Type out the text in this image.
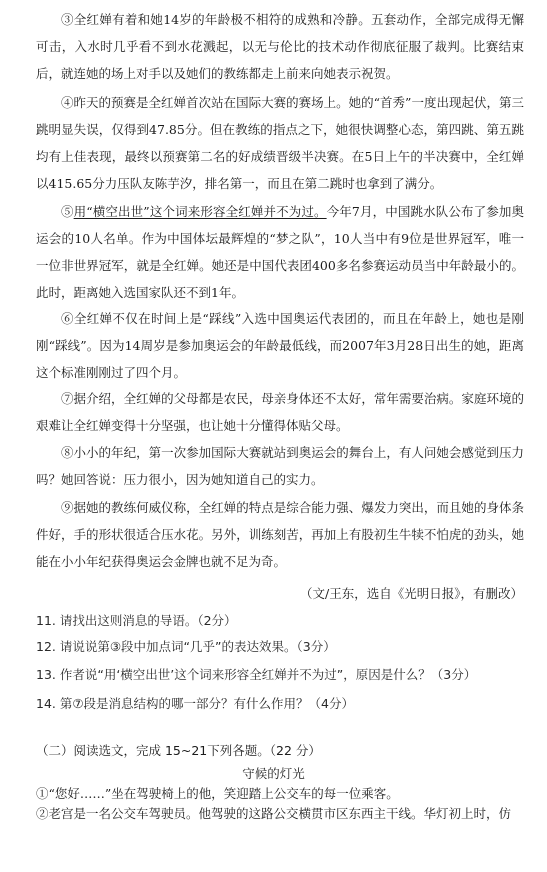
③全红婵有着和她14岁的年龄极不相符的成熟和冷静。五套动作，全部完成得无懈可击，入水时几乎看不到水花溅起，以无与伦比的技术动作彻底征服了裁判。比赛结束后，就连她的场上对手以及她们的教练都走上前来向她表示祝贺。
④昨天的预赛是全红婵首次站在国际大赛的赛场上。她的“首秀”一度出现起伏，第三跳明显失误，仅得到47.85分。但在教练的指点之下，她很快调整心态，第四跳、第五跳均有上佳表现，最终以预赛第二名的好成绩晋级半决赛。在5日上午的半决赛中，全红婵以415.65分力压队友陈芋汐，排名第一，而且在第二跳时也拿到了满分。
⑤用“横空出世”这个词来形容全红婵并不为过。今年7月，中国跳水队公布了参加奥运会的10人名单。作为中国体坛最辉煌的“梦之队”，10人当中有9位是世界冠军，唯一一位非世界冠军，就是全红婵。她还是中国代表团400多名参赛运动员当中年龄最小的。此时，距离她入选国家队还不到1年。
⑥全红婵不仅在时间上是“踩线”入选中国奥运代表团的，而且在年龄上，她也是刚刚“踩线”。因为14周岁是参加奥运会的年龄最低线，而2007年3月28日出生的她，距离这个标准刚刚过了四个月。
⑦据介绍，全红婵的父母都是农民，母亲身体还不太好，常年需要治病。家庭环境的艰难让全红婵变得十分坚强，也让她十分懂得体贴父母。
⑧小小的年纪，第一次参加国际大赛就站到奥运会的舞台上，有人问她会感觉到压力吗？她回答说：压力很小，因为她知道自己的实力。
⑨据她的教练何威仪称，全红婵的特点是综合能力强、爆发力突出，而且她的身体条件好，手的形状很适合压水花。另外，训练刻苦，再加上有股初生牛犊不怕虎的劲头，她能在小小年纪获得奥运会金牌也就不足为奇。
（文/王东，选自《光明日报》，有删改）
11. 请找出这则消息的导语。（2分）
12. 请说说第③段中加点词“几乎”的表达效果。（3分）
13. 作者说“用‘横空出世’这个词来形容全红婵并不为过”，原因是什么？（3分）
14. 第⑦段是消息结构的哪一部分？有什么作用？（4分）
（二）阅读选文，完成 15~21下列各题。（22 分）
守候的灯光
①“您好……”坐在驾驶椅上的他，笑迎踏上公交车的每一位乘客。
②老宫是一名公交车驾驶员。他驾驶的这路公交横贯市区东西主干线。华灯初上时，仿
